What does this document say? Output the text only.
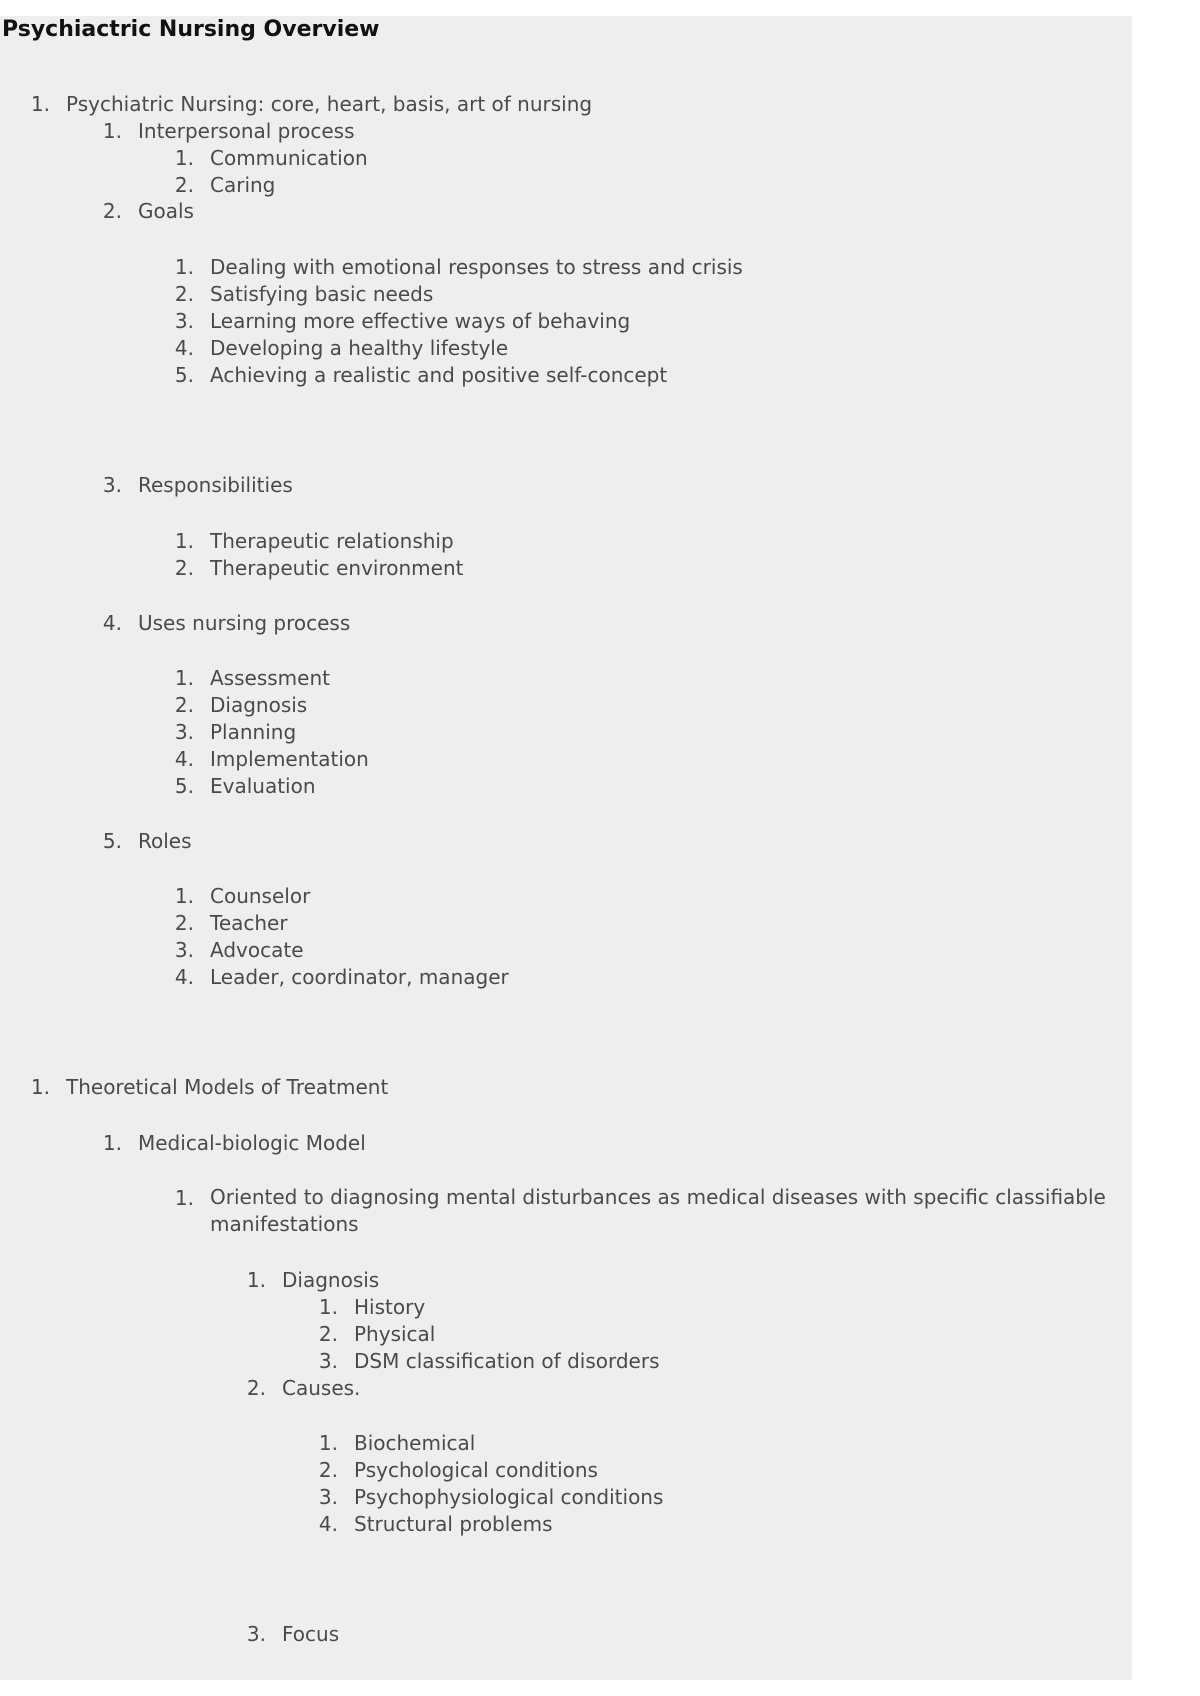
Psychiactric Nursing Overview
1. Psychiatric Nursing: core, heart, basis, art of nursing
1. Interpersonal process
1. Communication
2. Caring
2. Goals
1. Dealing with emotional responses to stress and crisis
2. Satisfying basic needs
3. Learning more effective ways of behaving
4. Developing a healthy lifestyle
5. Achieving a realistic and positive self-concept
3. Responsibilities
1. Therapeutic relationship
2. Therapeutic environment
4. Uses nursing process
1. Assessment
2. Diagnosis
3. Planning
4. Implementation
5. Evaluation
5. Roles
1. Counselor
2. Teacher
3. Advocate
4. Leader, coordinator, manager
1. Theoretical Models of Treatment
1. Medical-biologic Model
1. Oriented to diagnosing mental disturbances as medical diseases with specific classifiable manifestations
1. Diagnosis
1. History
2. Physical
3. DSM classification of disorders
2. Causes.
1. Biochemical
2. Psychological conditions
3. Psychophysiological conditions
4. Structural problems
3. Focus
